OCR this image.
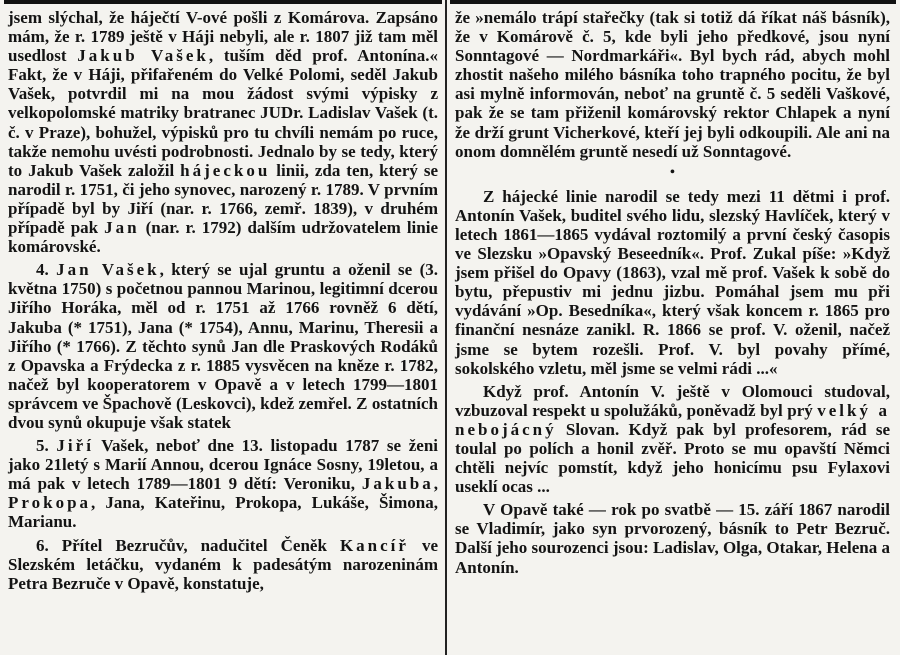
jsem slýchal, že háječtí V-ové pošli z Komárova. Zapsáno mám, že r. 1789 ještě v Háji nebyli, ale r. 1807 již tam měl usedlost Jakub Vašek, tuším děd prof. Antonína.« Fakt, že v Háji, přifařeném do Velké Polomi, seděl Jakub Vašek, potvrdil mi na mou žádost svými výpisky z velkopolomské matriky bratranec JUDr. Ladislav Vašek (t. č. v Praze), bohužel, výpisků pro tu chvíli nemám po ruce, takže nemohu uvésti podrobnosti. Jednalo by se tedy, který to Jakub Vašek založil hájeckou linii, zda ten, který se narodil r. 1751, či jeho synovec, narozený r. 1789. V prvním případě byl by Jiří (nar. r. 1766, zemř. 1839), v druhém případě pak Jan (nar. r. 1792) dalším udržovatelem linie komárovské.

4. Jan Vašek, který se ujal gruntu a oženil se (3. května 1750) s početnou pannou Marinou, legitimní dcerou Jiřího Horáka, měl od r. 1751 až 1766 rovněž 6 dětí, Jakuba (* 1751), Jana (* 1754), Annu, Marinu, Theresii a Jiřího (* 1766). Z těchto synů Jan dle Praskových Rodáků z Opavska a Frýdecka z r. 1885 vysvěcen na kněze r. 1782, načež byl kooperatorem v Opavě a v letech 1799—1801 správcem ve Špachově (Leskovci), kdež zemřel. Z ostatních dvou synů okupuje však statek

5. Jiří Vašek, neboť dne 13. listopadu 1787 se ženi jako 21letý s Marií Annou, dcerou Ignáce Sosny, 19letou, a má pak v letech 1789—1801 9 dětí: Veroniku, Jakuba, Prokopa, Jana, Kateřinu, Prokopa, Lukáše, Šimona, Marianu.

6. Přítel Bezručův, nadučitel Čeněk Kancíř ve Slezském letáčku, vydaném k padesátým narozeninám Petra Bezruče v Opavě, konstatuje,

že »nemálo trápí stařečky (tak si totiž dá říkat náš básník), že v Komárově č. 5, kde byli jeho předkové, jsou nyní Sonntagové — Nordmarkáři«. Byl bych rád, abych mohl zhostit našeho milého básníka toho trapného pocitu, že byl asi mylně informován, neboť na gruntě č. 5 seděli Vaškové, pak že se tam přiženil komárovský rektor Chlapek a nyní že drží grunt Vicherkové, kteří jej byli odkoupili. Ale ani na onom domnělém gruntě nesedí už Sonntagové.

•

Z hájecké linie narodil se tedy mezi 11 dětmi i prof. Antonín Vašek, buditel svého lidu, slezský Havlíček, který v letech 1861—1865 vydával roztomilý a první český časopis ve Slezsku »Opavský Beseedník«. Prof. Zukal píše: »Když jsem přišel do Opavy (1863), vzal mě prof. Vašek k sobě do bytu, přepustiv mi jednu jizbu. Pomáhal jsem mu při vydávání »Op. Besedníka«, který však koncem r. 1865 pro finanční nesnáze zanikl. R. 1866 se prof. V. oženil, načež jsme se bytem rozešli. Prof. V. byl povahy přímé, sokolského vzletu, měl jsme se velmi rádi ...«

Když prof. Antonín V. ještě v Olomouci studoval, vzbuzoval respekt u spolužáků, poněvadž byl prý velký a nebojácný Slovan. Když pak byl profesorem, rád se toulal po polích a honil zvěř. Proto se mu opavští Němci chtěli nejvíc pomstít, když jeho honicímu psu Fylaxovi useklí ocas ...

V Opavě také — rok po svatbě — 15. září 1867 narodil se Vladimír, jako syn prvorozený, básník to Petr Bezruč. Další jeho sourozenci jsou: Ladislav, Olga, Otakar, Helena a Antonín.
